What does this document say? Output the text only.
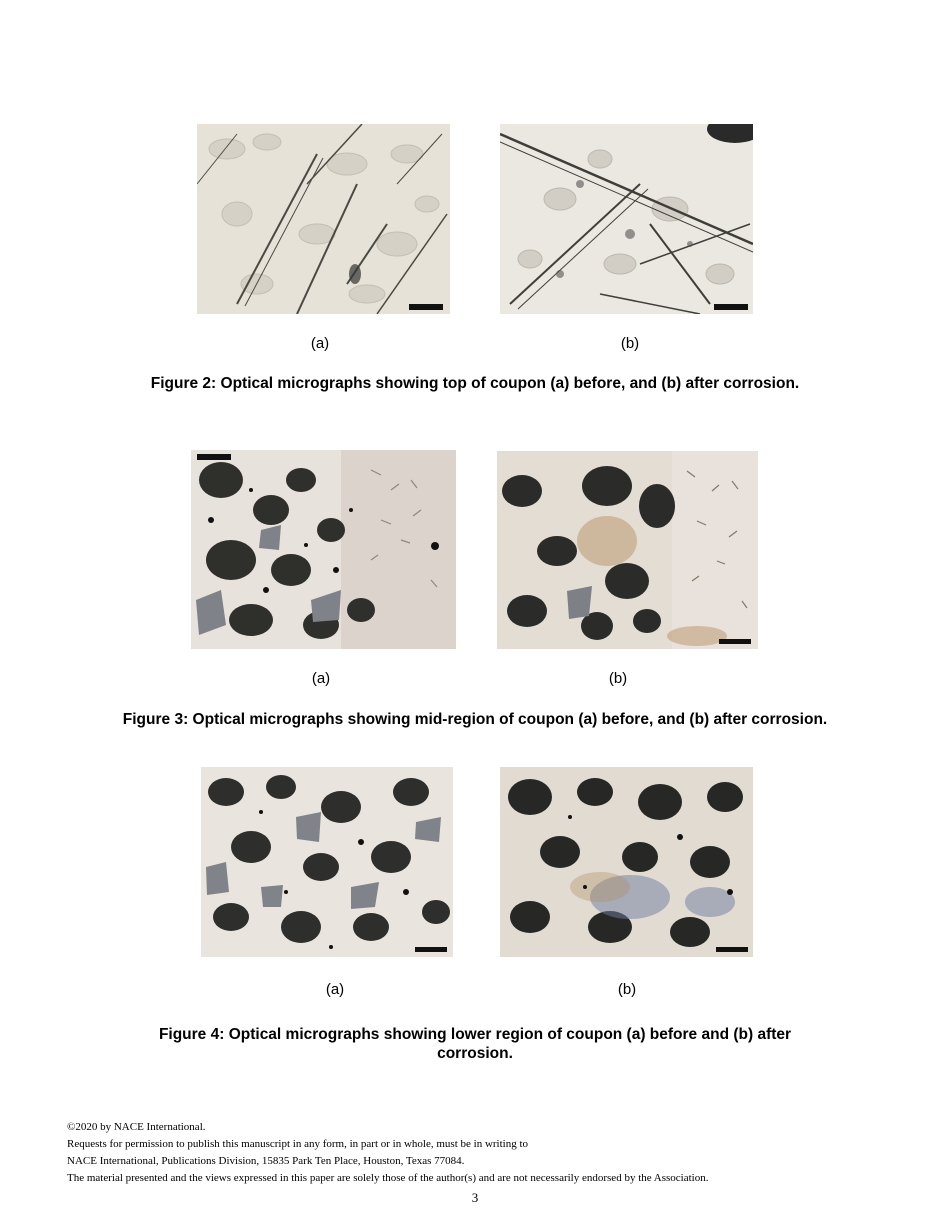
(a)	(b)
Figure 2: Optical micrographs showing top of coupon (a) before, and (b) after corrosion.
(a)	(b)
Figure 3: Optical micrographs showing mid-region of coupon (a) before, and (b) after corrosion.
(a)	(b)
Figure 4: Optical micrographs showing lower region of coupon (a) before and (b) after
corrosion.
©2020 by NACE International.
Requests for permission to publish this manuscript in any form, in part or in whole, must be in writing to
NACE International, Publications Division, 15835 Park Ten Place, Houston, Texas 77084.
The material presented and the views expressed in this paper are solely those of the author(s) and are not necessarily endorsed by the Association.
3
